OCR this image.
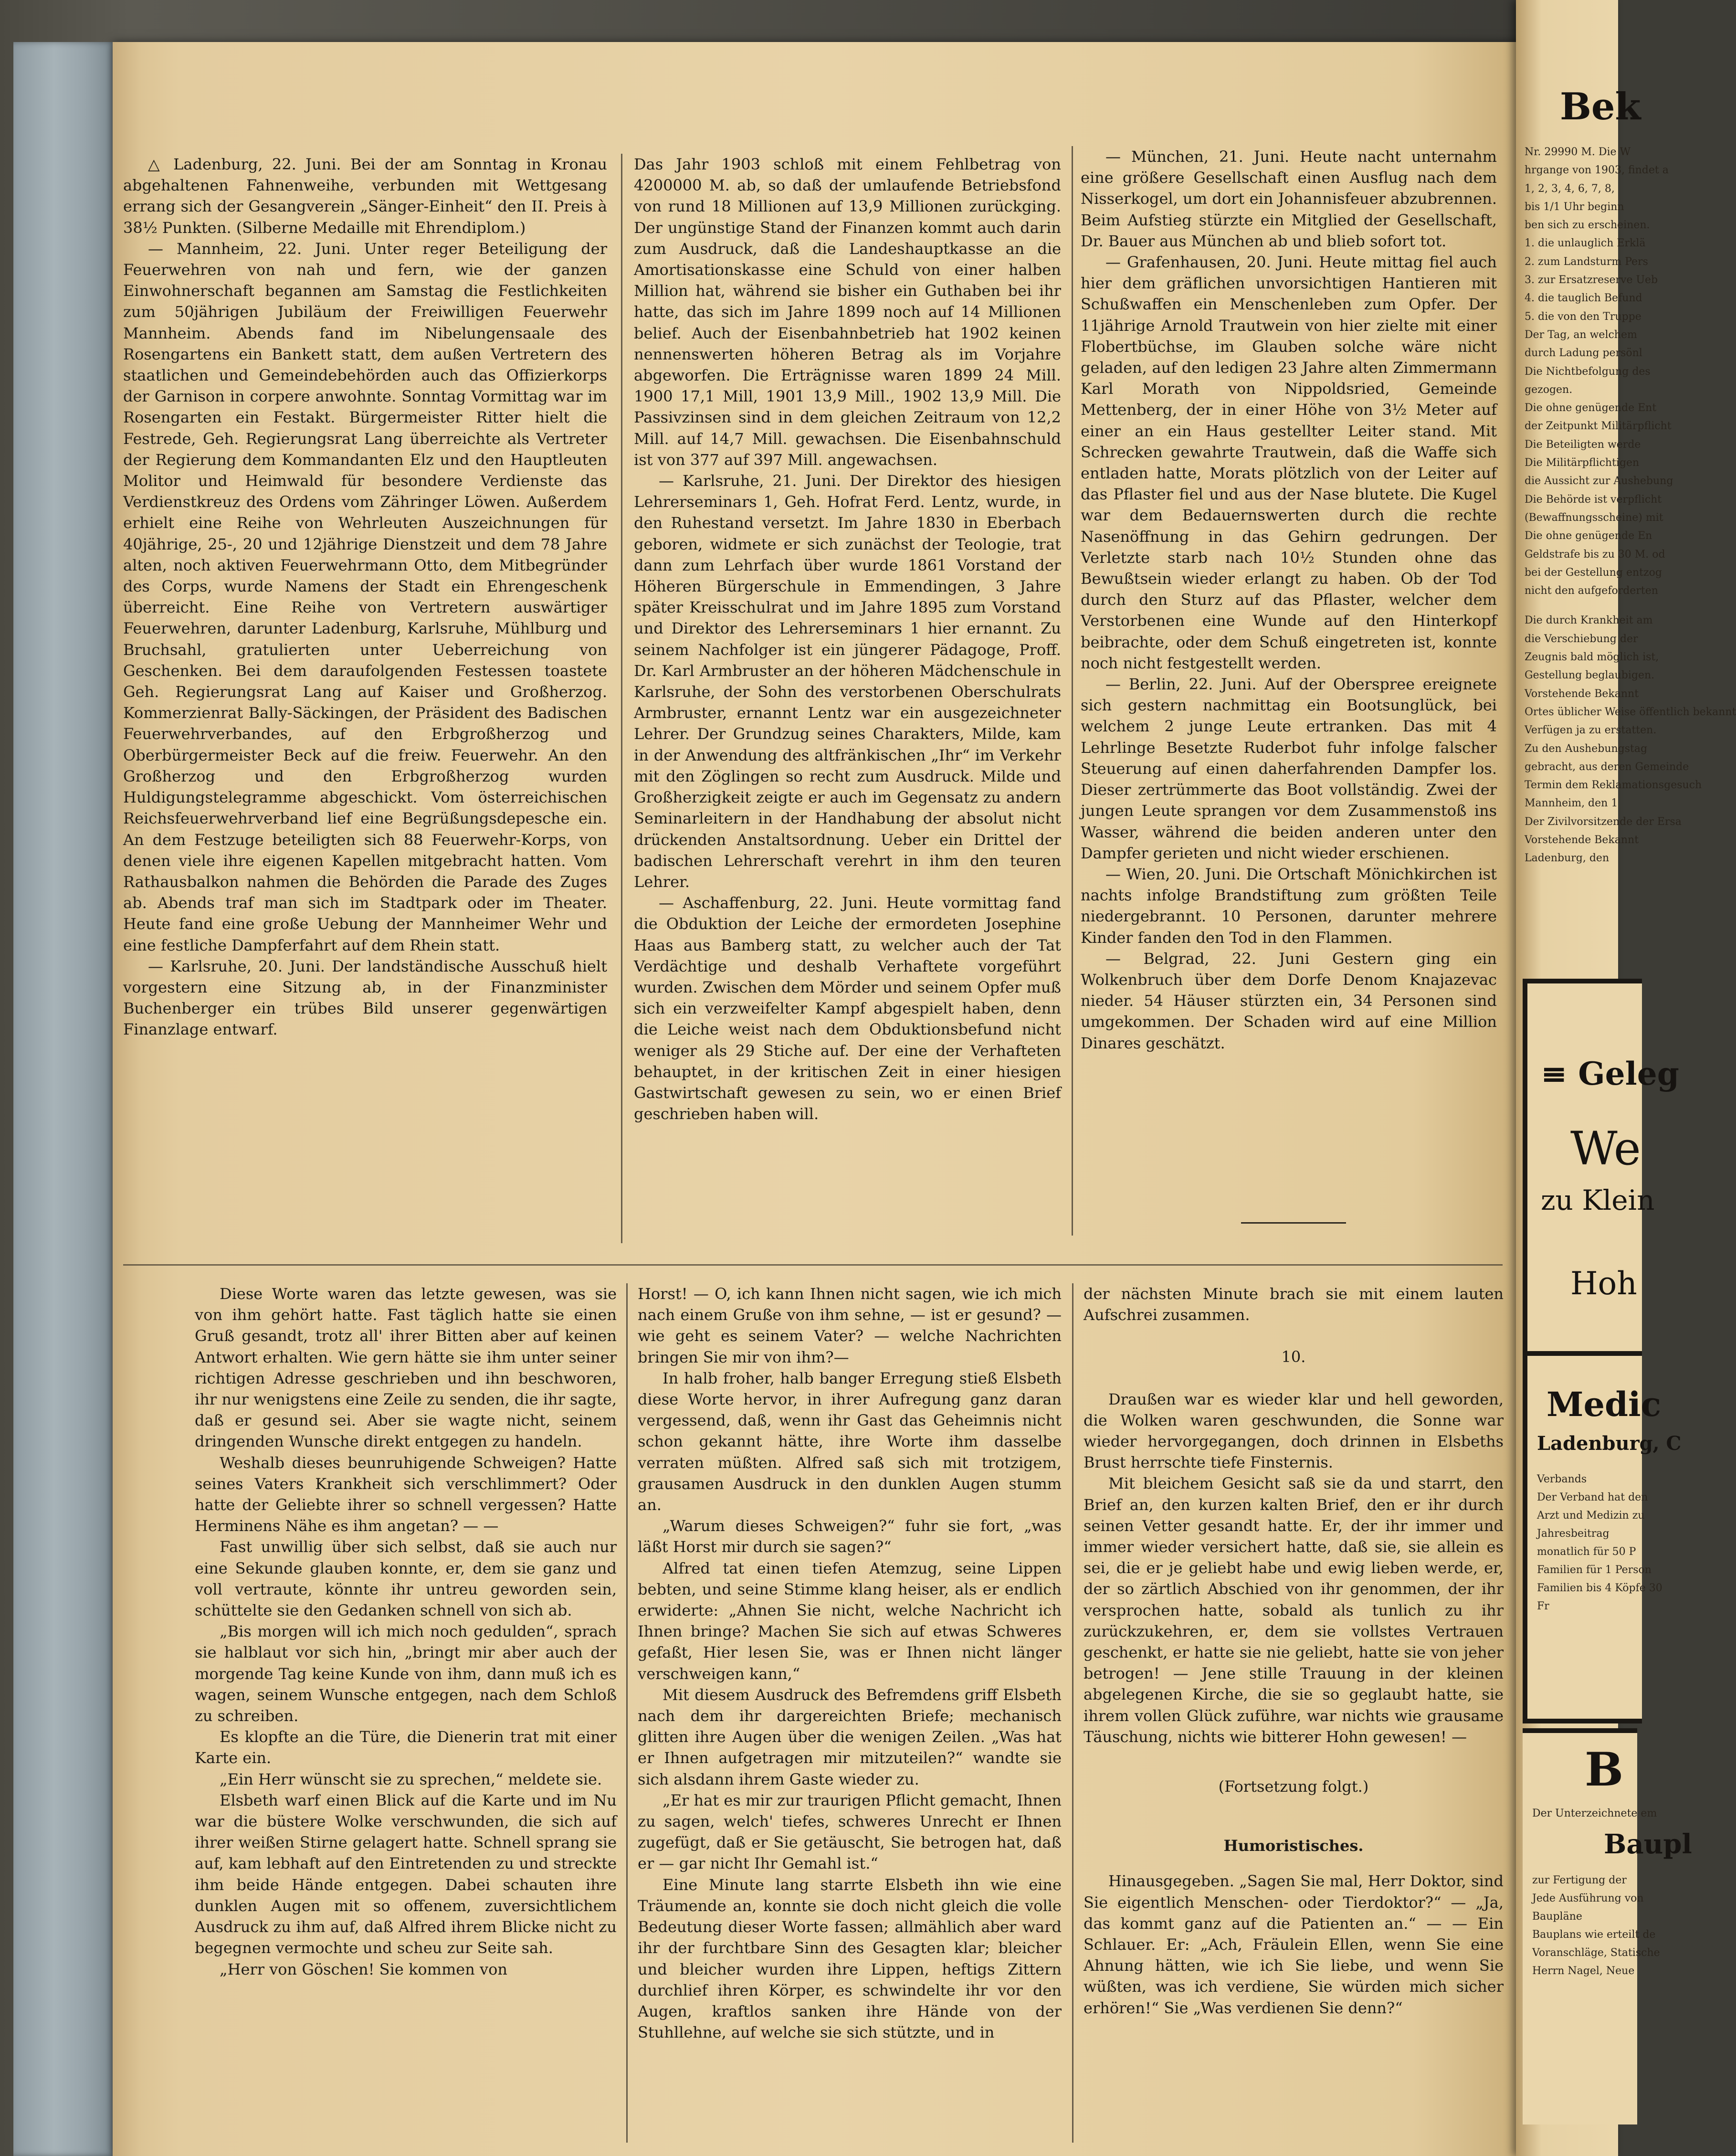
△ Ladenburg, 22. Juni. Bei der am Sonntag in Kronau abgehaltenen Fahnenweihe, verbunden mit Wettgesang errang sich der Gesangverein „Sänger-Einheit“ den II. Preis à 38½ Punkten. (Silberne Medaille mit Ehrendiplom.)

— Mannheim, 22. Juni. Unter reger Beteiligung der Feuerwehren von nah und fern, wie der ganzen Einwohnerschaft begannen am Samstag die Festlichkeiten zum 50jährigen Jubiläum der Freiwilligen Feuerwehr Mannheim. Abends fand im Nibelungensaale des Rosengartens ein Bankett statt, dem außen Vertretern des staatlichen und Gemeindebehörden auch das Offizierkorps der Garnison in corpere anwohnte. Sonntag Vormittag war im Rosengarten ein Festakt. Bürgermeister Ritter hielt die Festrede, Geh. Regierungsrat Lang überreichte als Vertreter der Regierung dem Kommandanten Elz und den Hauptleuten Molitor und Heimwald für besondere Verdienste das Verdienstkreuz des Ordens vom Zähringer Löwen. Außerdem erhielt eine Reihe von Wehrleuten Auszeichnungen für 40jährige, 25-, 20 und 12jährige Dienstzeit und dem 78 Jahre alten, noch aktiven Feuerwehrmann Otto, dem Mitbegründer des Corps, wurde Namens der Stadt ein Ehrengeschenk überreicht. Eine Reihe von Vertretern auswärtiger Feuerwehren, darunter Ladenburg, Karlsruhe, Mühlburg und Bruchsahl, gratulierten unter Ueberreichung von Geschenken. Bei dem daraufolgenden Festessen toastete Geh. Regierungsrat Lang auf Kaiser und Großherzog. Kommerzienrat Bally-Säckingen, der Präsident des Badischen Feuerwehrverbandes, auf den Erbgroßherzog und Oberbürgermeister Beck auf die freiw. Feuerwehr. An den Großherzog und den Erbgroßherzog wurden Huldigungstelegramme abgeschickt. Vom österreichischen Reichsfeuerwehrverband lief eine Begrüßungsdepesche ein. An dem Festzuge beteiligten sich 88 Feuerwehr-Korps, von denen viele ihre eigenen Kapellen mitgebracht hatten. Vom Rathausbalkon nahmen die Behörden die Parade des Zuges ab. Abends traf man sich im Stadtpark oder im Theater. Heute fand eine große Uebung der Mannheimer Wehr und eine festliche Dampferfahrt auf dem Rhein statt.

— Karlsruhe, 20. Juni. Der landständische Ausschuß hielt vorgestern eine Sitzung ab, in der Finanzminister Buchenberger ein trübes Bild unserer gegenwärtigen Finanzlage entwarf.

Das Jahr 1903 schloß mit einem Fehlbetrag von 4200000 M. ab, so daß der umlaufende Betriebsfond von rund 18 Millionen auf 13,9 Millionen zurückging. Der ungünstige Stand der Finanzen kommt auch darin zum Ausdruck, daß die Landeshauptkasse an die Amortisationskasse eine Schuld von einer halben Million hat, während sie bisher ein Guthaben bei ihr hatte, das sich im Jahre 1899 noch auf 14 Millionen belief. Auch der Eisenbahnbetrieb hat 1902 keinen nennenswerten höheren Betrag als im Vorjahre abgeworfen. Die Erträgnisse waren 1899 24 Mill. 1900 17,1 Mill, 1901 13,9 Mill., 1902 13,9 Mill. Die Passivzinsen sind in dem gleichen Zeitraum von 12,2 Mill. auf 14,7 Mill. gewachsen. Die Eisenbahnschuld ist von 377 auf 397 Mill. angewachsen.

— Karlsruhe, 21. Juni. Der Direktor des hiesigen Lehrerseminars 1, Geh. Hofrat Ferd. Lentz, wurde, in den Ruhestand versetzt. Im Jahre 1830 in Eberbach geboren, widmete er sich zunächst der Teologie, trat dann zum Lehrfach über wurde 1861 Vorstand der Höheren Bürgerschule in Emmendingen, 3 Jahre später Kreisschulrat und im Jahre 1895 zum Vorstand und Direktor des Lehrerseminars 1 hier ernannt. Zu seinem Nachfolger ist ein jüngerer Pädagoge, Proff. Dr. Karl Armbruster an der höheren Mädchenschule in Karlsruhe, der Sohn des verstorbenen Oberschulrats Armbruster, ernannt Lentz war ein ausgezeichneter Lehrer. Der Grundzug seines Charakters, Milde, kam in der Anwendung des altfränkischen „Ihr“ im Verkehr mit den Zöglingen so recht zum Ausdruck. Milde und Großherzigkeit zeigte er auch im Gegensatz zu andern Seminarleitern in der Handhabung der absolut nicht drückenden Anstaltsordnung. Ueber ein Drittel der badischen Lehrerschaft verehrt in ihm den teuren Lehrer.

— Aschaffenburg, 22. Juni. Heute vormittag fand die Obduktion der Leiche der ermordeten Josephine Haas aus Bamberg statt, zu welcher auch der Tat Verdächtige und deshalb Verhaftete vorgeführt wurden. Zwischen dem Mörder und seinem Opfer muß sich ein verzweifelter Kampf abgespielt haben, denn die Leiche weist nach dem Obduktionsbefund nicht weniger als 29 Stiche auf. Der eine der Verhafteten behauptet, in der kritischen Zeit in einer hiesigen Gastwirtschaft gewesen zu sein, wo er einen Brief geschrieben haben will.

— München, 21. Juni. Heute nacht unternahm eine größere Gesellschaft einen Ausflug nach dem Nisserkogel, um dort ein Johannisfeuer abzubrennen. Beim Aufstieg stürzte ein Mitglied der Gesellschaft, Dr. Bauer aus München ab und blieb sofort tot.

— Grafenhausen, 20. Juni. Heute mittag fiel auch hier dem gräflichen unvorsichtigen Hantieren mit Schußwaffen ein Menschenleben zum Opfer. Der 11jährige Arnold Trautwein von hier zielte mit einer Flobertbüchse, im Glauben solche wäre nicht geladen, auf den ledigen 23 Jahre alten Zimmermann Karl Morath von Nippoldsried, Gemeinde Mettenberg, der in einer Höhe von 3½ Meter auf einer an ein Haus gestellter Leiter stand. Mit Schrecken gewahrte Trautwein, daß die Waffe sich entladen hatte, Morats plötzlich von der Leiter auf das Pflaster fiel und aus der Nase blutete. Die Kugel war dem Bedauernswerten durch die rechte Nasenöffnung in das Gehirn gedrungen. Der Verletzte starb nach 10½ Stunden ohne das Bewußtsein wieder erlangt zu haben. Ob der Tod durch den Sturz auf das Pflaster, welcher dem Verstorbenen eine Wunde auf den Hinterkopf beibrachte, oder dem Schuß eingetreten ist, konnte noch nicht festgestellt werden.

— Berlin, 22. Juni. Auf der Oberspree ereignete sich gestern nachmittag ein Bootsunglück, bei welchem 2 junge Leute ertranken. Das mit 4 Lehrlinge Besetzte Ruderbot fuhr infolge falscher Steuerung auf einen daherfahrenden Dampfer los. Dieser zertrümmerte das Boot vollständig. Zwei der jungen Leute sprangen vor dem Zusammenstoß ins Wasser, während die beiden anderen unter den Dampfer gerieten und nicht wieder erschienen.

— Wien, 20. Juni. Die Ortschaft Mönichkirchen ist nachts infolge Brandstiftung zum größten Teile niedergebrannt. 10 Personen, darunter mehrere Kinder fanden den Tod in den Flammen.

— Belgrad, 22. Juni Gestern ging ein Wolkenbruch über dem Dorfe Denom Knajazevac nieder. 54 Häuser stürzten ein, 34 Personen sind umgekommen. Der Schaden wird auf eine Million Dinares geschätzt.

Diese Worte waren das letzte gewesen, was sie von ihm gehört hatte. Fast täglich hatte sie einen Gruß gesandt, trotz all' ihrer Bitten aber auf keinen Antwort erhalten. Wie gern hätte sie ihm unter seiner richtigen Adresse geschrieben und ihn beschworen, ihr nur wenigstens eine Zeile zu senden, die ihr sagte, daß er gesund sei. Aber sie wagte nicht, seinem dringenden Wunsche direkt entgegen zu handeln.

Weshalb dieses beunruhigende Schweigen? Hatte seines Vaters Krankheit sich verschlimmert? Oder hatte der Geliebte ihrer so schnell vergessen? Hatte Herminens Nähe es ihm angetan? — —

Fast unwillig über sich selbst, daß sie auch nur eine Sekunde glauben konnte, er, dem sie ganz und voll vertraute, könnte ihr untreu geworden sein, schüttelte sie den Gedanken schnell von sich ab.

„Bis morgen will ich mich noch gedulden“, sprach sie halblaut vor sich hin, „bringt mir aber auch der morgende Tag keine Kunde von ihm, dann muß ich es wagen, seinem Wunsche entgegen, nach dem Schloß zu schreiben.

Es klopfte an die Türe, die Dienerin trat mit einer Karte ein.

„Ein Herr wünscht sie zu sprechen,“ meldete sie.

Elsbeth warf einen Blick auf die Karte und im Nu war die büstere Wolke verschwunden, die sich auf ihrer weißen Stirne gelagert hatte. Schnell sprang sie auf, kam lebhaft auf den Eintretenden zu und streckte ihm beide Hände entgegen. Dabei schauten ihre dunklen Augen mit so offenem, zuversichtlichem Ausdruck zu ihm auf, daß Alfred ihrem Blicke nicht zu begegnen vermochte und scheu zur Seite sah.

„Herr von Göschen! Sie kommen von

Horst! — O, ich kann Ihnen nicht sagen, wie ich mich nach einem Gruße von ihm sehne, — ist er gesund? — wie geht es seinem Vater? — welche Nachrichten bringen Sie mir von ihm?—

In halb froher, halb banger Erregung stieß Elsbeth diese Worte hervor, in ihrer Aufregung ganz daran vergessend, daß, wenn ihr Gast das Geheimnis nicht schon gekannt hätte, ihre Worte ihm dasselbe verraten müßten. Alfred saß sich mit trotzigem, grausamen Ausdruck in den dunklen Augen stumm an.

„Warum dieses Schweigen?“ fuhr sie fort, „was läßt Horst mir durch sie sagen?“

Alfred tat einen tiefen Atemzug, seine Lippen bebten, und seine Stimme klang heiser, als er endlich erwiderte: „Ahnen Sie nicht, welche Nachricht ich Ihnen bringe? Machen Sie sich auf etwas Schweres gefaßt, Hier lesen Sie, was er Ihnen nicht länger verschweigen kann,“

Mit diesem Ausdruck des Befremdens griff Elsbeth nach dem ihr dargereichten Briefe; mechanisch glitten ihre Augen über die wenigen Zeilen. „Was hat er Ihnen aufgetragen mir mitzuteilen?“ wandte sie sich alsdann ihrem Gaste wieder zu.

„Er hat es mir zur traurigen Pflicht gemacht, Ihnen zu sagen, welch' tiefes, schweres Unrecht er Ihnen zugefügt, daß er Sie getäuscht, Sie betrogen hat, daß er — gar nicht Ihr Gemahl ist.“

Eine Minute lang starrte Elsbeth ihn wie eine Träumende an, konnte sie doch nicht gleich die volle Bedeutung dieser Worte fassen; allmählich aber ward ihr der furchtbare Sinn des Gesagten klar; bleicher und bleicher wurden ihre Lippen, heftigs Zittern durchlief ihren Körper, es schwindelte ihr vor den Augen, kraftlos sanken ihre Hände von der Stuhllehne, auf welche sie sich stützte, und in

der nächsten Minute brach sie mit einem lauten Aufschrei zusammen.

10.

Draußen war es wieder klar und hell geworden, die Wolken waren geschwunden, die Sonne war wieder hervorgegangen, doch drinnen in Elsbeths Brust herrschte tiefe Finsternis.

Mit bleichem Gesicht saß sie da und starrt, den Brief an, den kurzen kalten Brief, den er ihr durch seinen Vetter gesandt hatte. Er, der ihr immer und immer wieder versichert hatte, daß sie, sie allein es sei, die er je geliebt habe und ewig lieben werde, er, der so zärtlich Abschied von ihr genommen, der ihr versprochen hatte, sobald als tunlich zu ihr zurückzukehren, er, dem sie vollstes Vertrauen geschenkt, er hatte sie nie geliebt, hatte sie von jeher betrogen! — Jene stille Trauung in der kleinen abgelegenen Kirche, die sie so geglaubt hatte, sie ihrem vollen Glück zuführe, war nichts wie grausame Täuschung, nichts wie bitterer Hohn gewesen! —

(Fortsetzung folgt.)

Humoristisches.

Hinausgegeben. „Sagen Sie mal, Herr Doktor, sind Sie eigentlich Menschen- oder Tierdoktor?“ — „Ja, das kommt ganz auf die Patienten an.“ — — Ein Schlauer. Er: „Ach, Fräulein Ellen, wenn Sie eine Ahnung hätten, wie ich Sie liebe, und wenn Sie wüßten, was ich verdiene, Sie würden mich sicher erhören!“ Sie „Was verdienen Sie denn?“

Bek
Nr. 29990 M. Die W
hrgange von 1903, findet a
1, 2, 3, 4, 6, 7, 8,
bis 1/1 Uhr beginn
ben sich zu erscheinen.
1. die unlauglich Erklä
2. zum Landsturm Pers
3. zur Ersatzreserve Ueb
4. die tauglich Befund
5. die von den Truppe
Der Tag, an welchem
durch Ladung persönl
Die Nichtbefolgung des
gezogen.
Die ohne genügende Ent
der Zeitpunkt Militärpflicht
Die Beteiligten werde
Die Militärpflichtigen
die Aussicht zur Aushebung
Die Behörde ist verpflicht
(Bewaffnungsscheine) mit
Die ohne genügende En
Geldstrafe bis zu 30 M. od
bei der Gestellung entzog
nicht den aufgeforderten
Die durch Krankheit am
die Verschiebung der
Zeugnis bald möglich ist,
Gestellung beglaubigen.
Vorstehende Bekannt
Ortes üblicher Weise öffentlich bekannt
Verfügen ja zu erstatten.
Zu den Aushebungstag
gebracht, aus deren Gemeinde
Termin dem Reklamationsgesuch
Mannheim, den 1
Der Zivilvorsitzende der Ersa
Vorstehende Bekannt
Ladenburg, den
≡ Geleg
We
zu Klein
Hoh
Medic
Ladenburg, C
Verbands
Der Verband hat den
Arzt und Medizin zu
Jahresbeitrag
monatlich für 50 P
Familien für 1 Person
Familien bis 4 Köpfe 30
Fr
B
Der Unterzeichnete em
Baupl
zur Fertigung der
Jede Ausführung von
Baupläne
Bauplans wie erteilt de
Voranschläge, Statische
Herrn Nagel, Neue
